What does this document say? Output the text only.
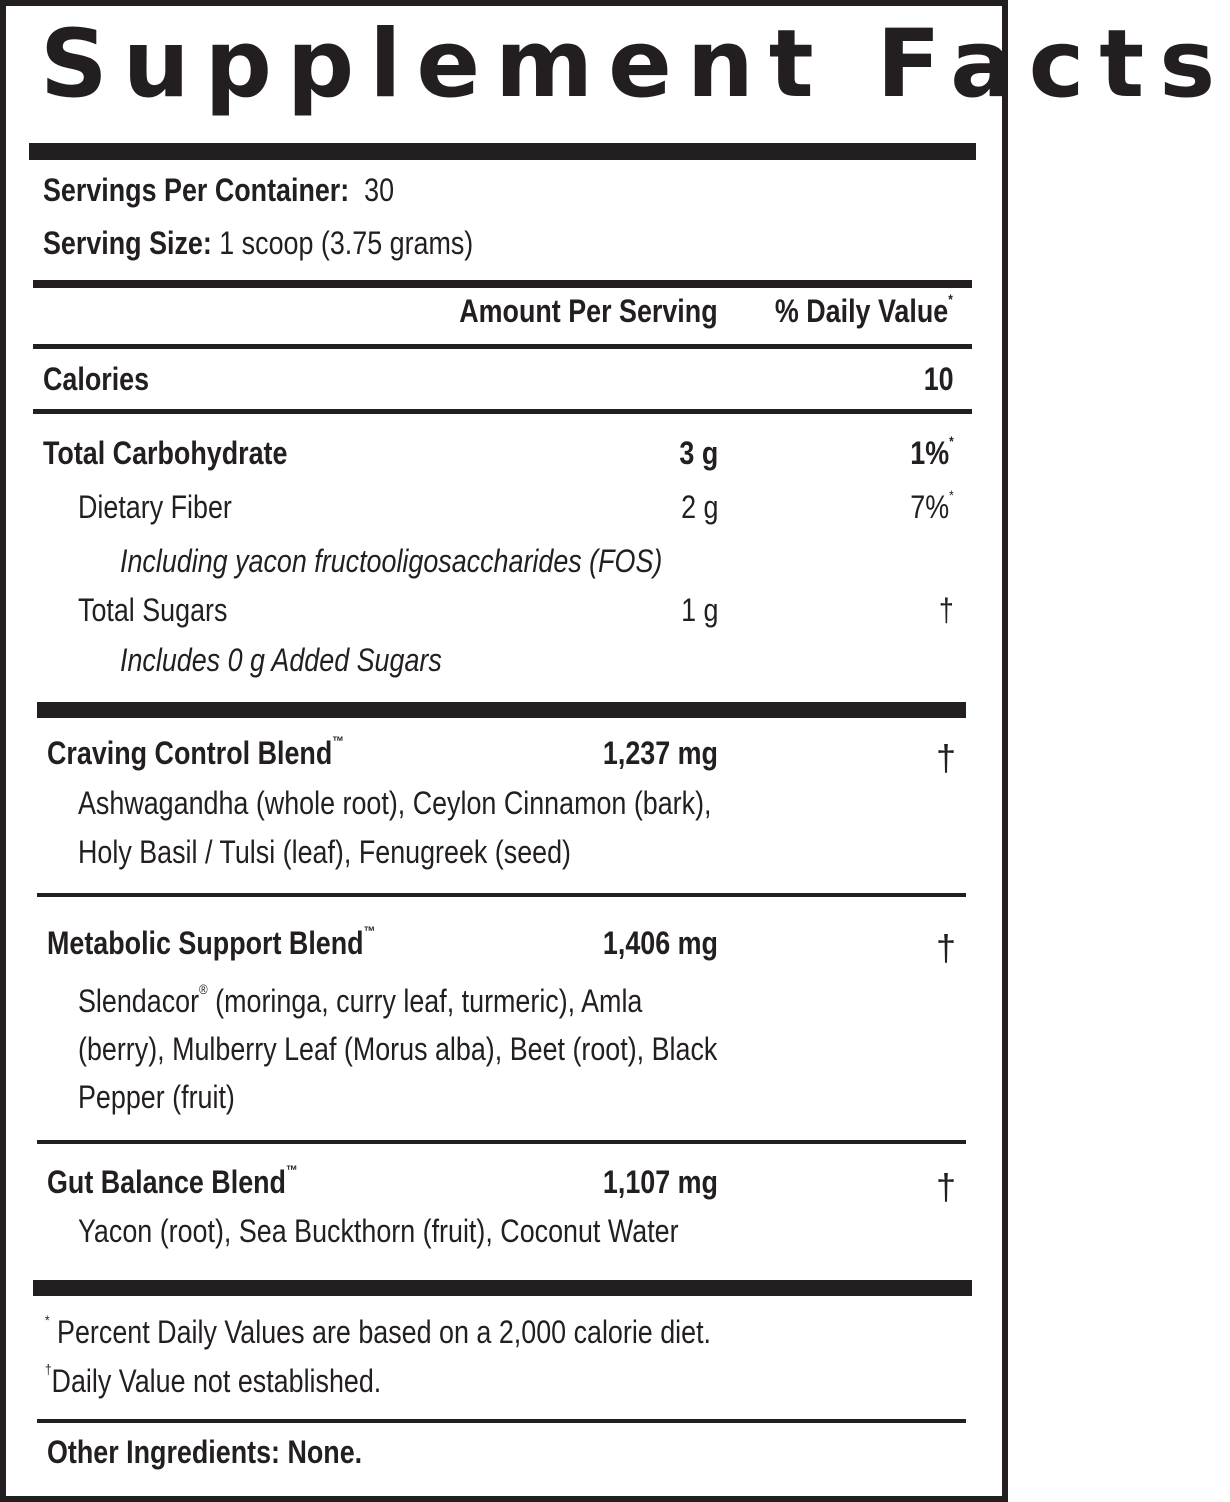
Supplement Facts
Servings Per Container: 30
Serving Size: 1 scoop (3.75 grams)
Amount Per Serving	% Daily Value*
Calories	10
Total Carbohydrate	3 g	1%*
Dietary Fiber	2 g	7%*
Including yacon fructooligosaccharides (FOS)
Total Sugars	1 g	†
Includes 0 g Added Sugars
Craving Control Blend™	1,237 mg	†
Ashwagandha (whole root), Ceylon Cinnamon (bark),
Holy Basil / Tulsi (leaf), Fenugreek (seed)
Metabolic Support Blend™	1,406 mg	†
Slendacor® (moringa, curry leaf, turmeric), Amla
(berry), Mulberry Leaf (Morus alba), Beet (root), Black
Pepper (fruit)
Gut Balance Blend™	1,107 mg	†
Yacon (root), Sea Buckthorn (fruit), Coconut Water
* Percent Daily Values are based on a 2,000 calorie diet.
†Daily Value not established.
Other Ingredients: None.
